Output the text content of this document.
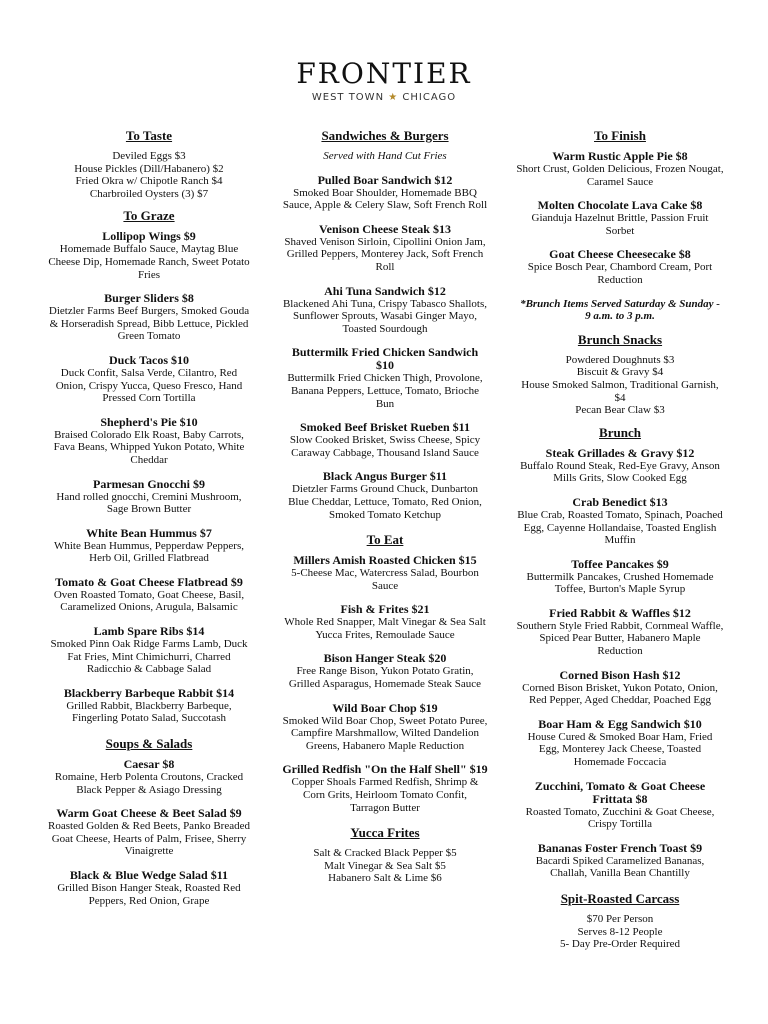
FRONTIER
WEST TOWN ★ CHICAGO
To Taste
Deviled Eggs $3
House Pickles (Dill/Habanero) $2
Fried Okra w/ Chipotle Ranch $4
Charbroiled Oysters (3) $7
To Graze
Lollipop Wings $9
Homemade Buffalo Sauce, Maytag Blue Cheese Dip, Homemade Ranch, Sweet Potato Fries
Burger Sliders $8
Dietzler Farms Beef Burgers, Smoked Gouda & Horseradish Spread, Bibb Lettuce, Pickled Green Tomato
Duck Tacos $10
Duck Confit, Salsa Verde, Cilantro, Red Onion, Crispy Yucca, Queso Fresco, Hand Pressed Corn Tortilla
Shepherd's Pie $10
Braised Colorado Elk Roast, Baby Carrots, Fava Beans, Whipped Yukon Potato, White Cheddar
Parmesan Gnocchi $9
Hand rolled gnocchi, Cremini Mushroom, Sage Brown Butter
White Bean Hummus $7
White Bean Hummus, Pepperdaw Peppers, Herb Oil, Grilled Flatbread
Tomato & Goat Cheese Flatbread $9
Oven Roasted Tomato, Goat Cheese, Basil, Caramelized Onions, Arugula, Balsamic
Lamb Spare Ribs $14
Smoked Pinn Oak Ridge Farms Lamb, Duck Fat Fries, Mint Chimichurri, Charred Radicchio & Cabbage Salad
Blackberry Barbeque Rabbit $14
Grilled Rabbit, Blackberry Barbeque, Fingerling Potato Salad, Succotash
Soups & Salads
Caesar $8
Romaine, Herb Polenta Croutons, Cracked Black Pepper & Asiago Dressing
Warm Goat Cheese & Beet Salad $9
Roasted Golden & Red Beets, Panko Breaded Goat Cheese, Hearts of Palm, Frisee, Sherry Vinaigrette
Black & Blue Wedge Salad $11
Grilled Bison Hanger Steak, Roasted Red Peppers, Red Onion, Grape
Sandwiches & Burgers
Served with Hand Cut Fries
Pulled Boar Sandwich $12
Smoked Boar Shoulder, Homemade BBQ Sauce, Apple & Celery Slaw, Soft French Roll
Venison Cheese Steak $13
Shaved Venison Sirloin, Cipollini Onion Jam, Grilled Peppers, Monterey Jack, Soft French Roll
Ahi Tuna Sandwich $12
Blackened Ahi Tuna, Crispy Tabasco Shallots, Sunflower Sprouts, Wasabi Ginger Mayo, Toasted Sourdough
Buttermilk Fried Chicken Sandwich $10
Buttermilk Fried Chicken Thigh, Provolone, Banana Peppers, Lettuce, Tomato, Brioche Bun
Smoked Beef Brisket Rueben $11
Slow Cooked Brisket, Swiss Cheese, Spicy Caraway Cabbage, Thousand Island Sauce
Black Angus Burger $11
Dietzler Farms Ground Chuck, Dunbarton Blue Cheddar, Lettuce, Tomato, Red Onion, Smoked Tomato Ketchup
To Eat
Millers Amish Roasted Chicken $15
5-Cheese Mac, Watercress Salad, Bourbon Sauce
Fish & Frites $21
Whole Red Snapper, Malt Vinegar & Sea Salt Yucca Frites, Remoulade Sauce
Bison Hanger Steak $20
Free Range Bison, Yukon Potato Gratin, Grilled Asparagus, Homemade Steak Sauce
Wild Boar Chop $19
Smoked Wild Boar Chop, Sweet Potato Puree, Campfire Marshmallow, Wilted Dandelion Greens, Habanero Maple Reduction
Grilled Redfish "On the Half Shell" $19
Copper Shoals Farmed Redfish, Shrimp & Corn Grits, Heirloom Tomato Confit, Tarragon Butter
Yucca Frites
Salt & Cracked Black Pepper $5
Malt Vinegar & Sea Salt $5
Habanero Salt & Lime $6
To Finish
Warm Rustic Apple Pie $8
Short Crust, Golden Delicious, Frozen Nougat, Caramel Sauce
Molten Chocolate Lava Cake $8
Gianduja Hazelnut Brittle, Passion Fruit Sorbet
Goat Cheese Cheesecake $8
Spice Bosch Pear, Chambord Cream, Port Reduction
*Brunch Items Served Saturday & Sunday - 9 a.m. to 3 p.m.
Brunch Snacks
Powdered Doughnuts $3
Biscuit & Gravy $4
House Smoked Salmon, Traditional Garnish, $4
Pecan Bear Claw $3
Brunch
Steak Grillades & Gravy $12
Buffalo Round Steak, Red-Eye Gravy, Anson Mills Grits, Slow Cooked Egg
Crab Benedict $13
Blue Crab, Roasted Tomato, Spinach, Poached Egg, Cayenne Hollandaise, Toasted English Muffin
Toffee Pancakes $9
Buttermilk Pancakes, Crushed Homemade Toffee, Burton's Maple Syrup
Fried Rabbit & Waffles $12
Southern Style Fried Rabbit, Cornmeal Waffle, Spiced Pear Butter, Habanero Maple Reduction
Corned Bison Hash $12
Corned Bison Brisket, Yukon Potato, Onion, Red Pepper, Aged Cheddar, Poached Egg
Boar Ham & Egg Sandwich $10
House Cured & Smoked Boar Ham, Fried Egg, Monterey Jack Cheese, Toasted Homemade Foccacia
Zucchini, Tomato & Goat Cheese Frittata $8
Roasted Tomato, Zucchini & Goat Cheese, Crispy Tortilla
Bananas Foster French Toast $9
Bacardi Spiked Caramelized Bananas, Challah, Vanilla Bean Chantilly
Spit-Roasted Carcass
$70 Per Person
Serves 8-12 People
5- Day Pre-Order Required
